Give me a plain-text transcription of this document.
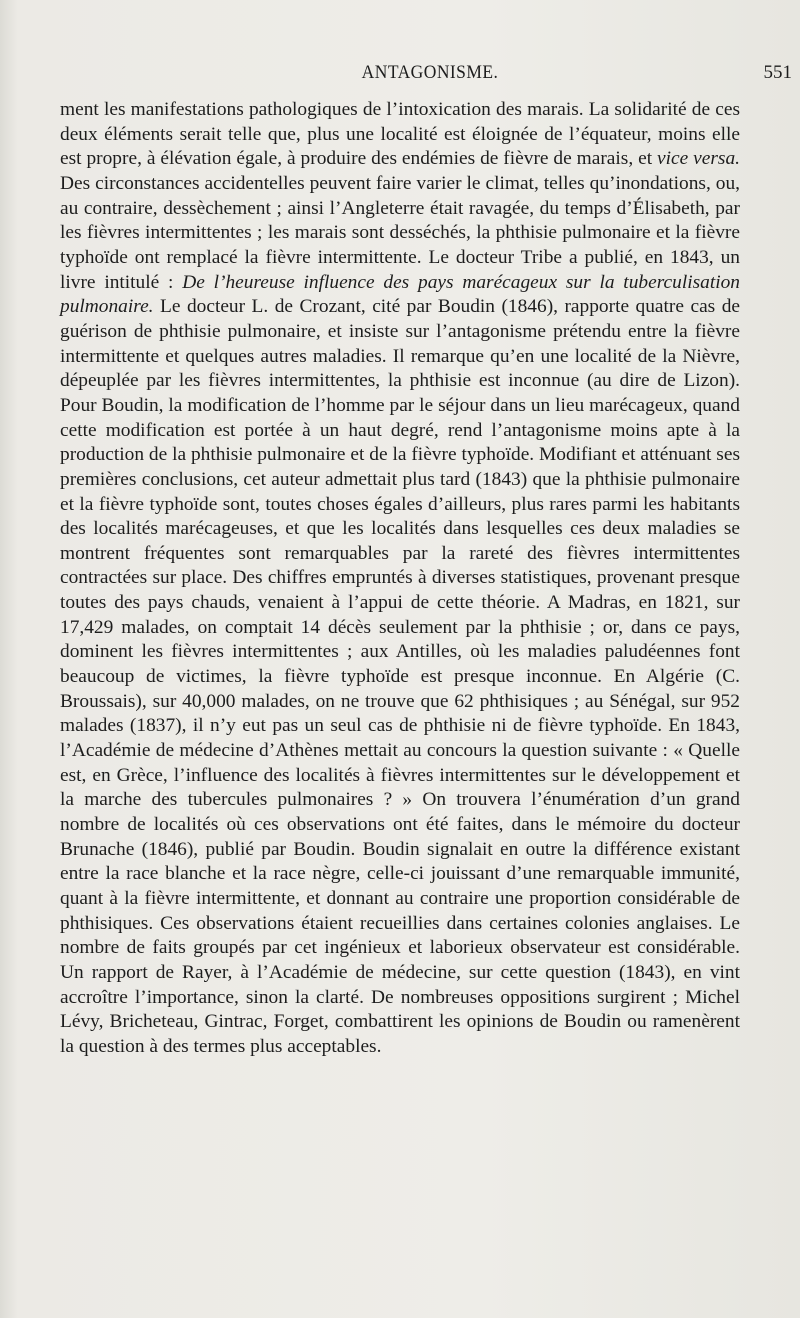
ANTAGONISME.	551

ment les manifestations pathologiques de l’intoxication des marais. La solidarité de ces deux éléments serait telle que, plus une localité est éloignée de l’équateur, moins elle est propre, à élévation égale, à produire des endémies de fièvre de marais, et vice versa. Des circonstances accidentelles peuvent faire varier le climat, telles qu’inondations, ou, au contraire, dessèchement ; ainsi l’Angleterre était ravagée, du temps d’Élisabeth, par les fièvres intermittentes ; les marais sont desséchés, la phthisie pulmonaire et la fièvre typhoïde ont remplacé la fièvre intermittente. Le docteur Tribe a publié, en 1843, un livre intitulé : De l’heureuse influence des pays marécageux sur la tuberculisation pulmonaire. Le docteur L. de Crozant, cité par Boudin (1846), rapporte quatre cas de guérison de phthisie pulmonaire, et insiste sur l’antagonisme prétendu entre la fièvre intermittente et quelques autres maladies. Il remarque qu’en une localité de la Nièvre, dépeuplée par les fièvres intermittentes, la phthisie est inconnue (au dire de Lizon). Pour Boudin, la modification de l’homme par le séjour dans un lieu marécageux, quand cette modification est portée à un haut degré, rend l’antagonisme moins apte à la production de la phthisie pulmonaire et de la fièvre typhoïde. Modifiant et atténuant ses premières conclusions, cet auteur admettait plus tard (1843) que la phthisie pulmonaire et la fièvre typhoïde sont, toutes choses égales d’ailleurs, plus rares parmi les habitants des localités marécageuses, et que les localités dans lesquelles ces deux maladies se montrent fréquentes sont remarquables par la rareté des fièvres intermittentes contractées sur place. Des chiffres empruntés à diverses statistiques, provenant presque toutes des pays chauds, venaient à l’appui de cette théorie. A Madras, en 1821, sur 17,429 malades, on comptait 14 décès seulement par la phthisie ; or, dans ce pays, dominent les fièvres intermittentes ; aux Antilles, où les maladies paludéennes font beaucoup de victimes, la fièvre typhoïde est presque inconnue. En Algérie (C. Broussais), sur 40,000 malades, on ne trouve que 62 phthisiques ; au Sénégal, sur 952 malades (1837), il n’y eut pas un seul cas de phthisie ni de fièvre typhoïde. En 1843, l’Académie de médecine d’Athènes mettait au concours la question suivante : « Quelle est, en Grèce, l’influence des localités à fièvres intermittentes sur le développement et la marche des tubercules pulmonaires ? » On trouvera l’énumération d’un grand nombre de localités où ces observations ont été faites, dans le mémoire du docteur Brunache (1846), publié par Boudin. Boudin signalait en outre la différence existant entre la race blanche et la race nègre, celle-ci jouissant d’une remarquable immunité, quant à la fièvre intermittente, et donnant au contraire une proportion considérable de phthisiques. Ces observations étaient recueillies dans certaines colonies anglaises. Le nombre de faits groupés par cet ingénieux et laborieux observateur est considérable. Un rapport de Rayer, à l’Académie de médecine, sur cette question (1843), en vint accroître l’importance, sinon la clarté. De nombreuses oppositions surgirent ; Michel Lévy, Bricheteau, Gintrac, Forget, combattirent les opinions de Boudin ou ramenèrent la question à des termes plus acceptables.
